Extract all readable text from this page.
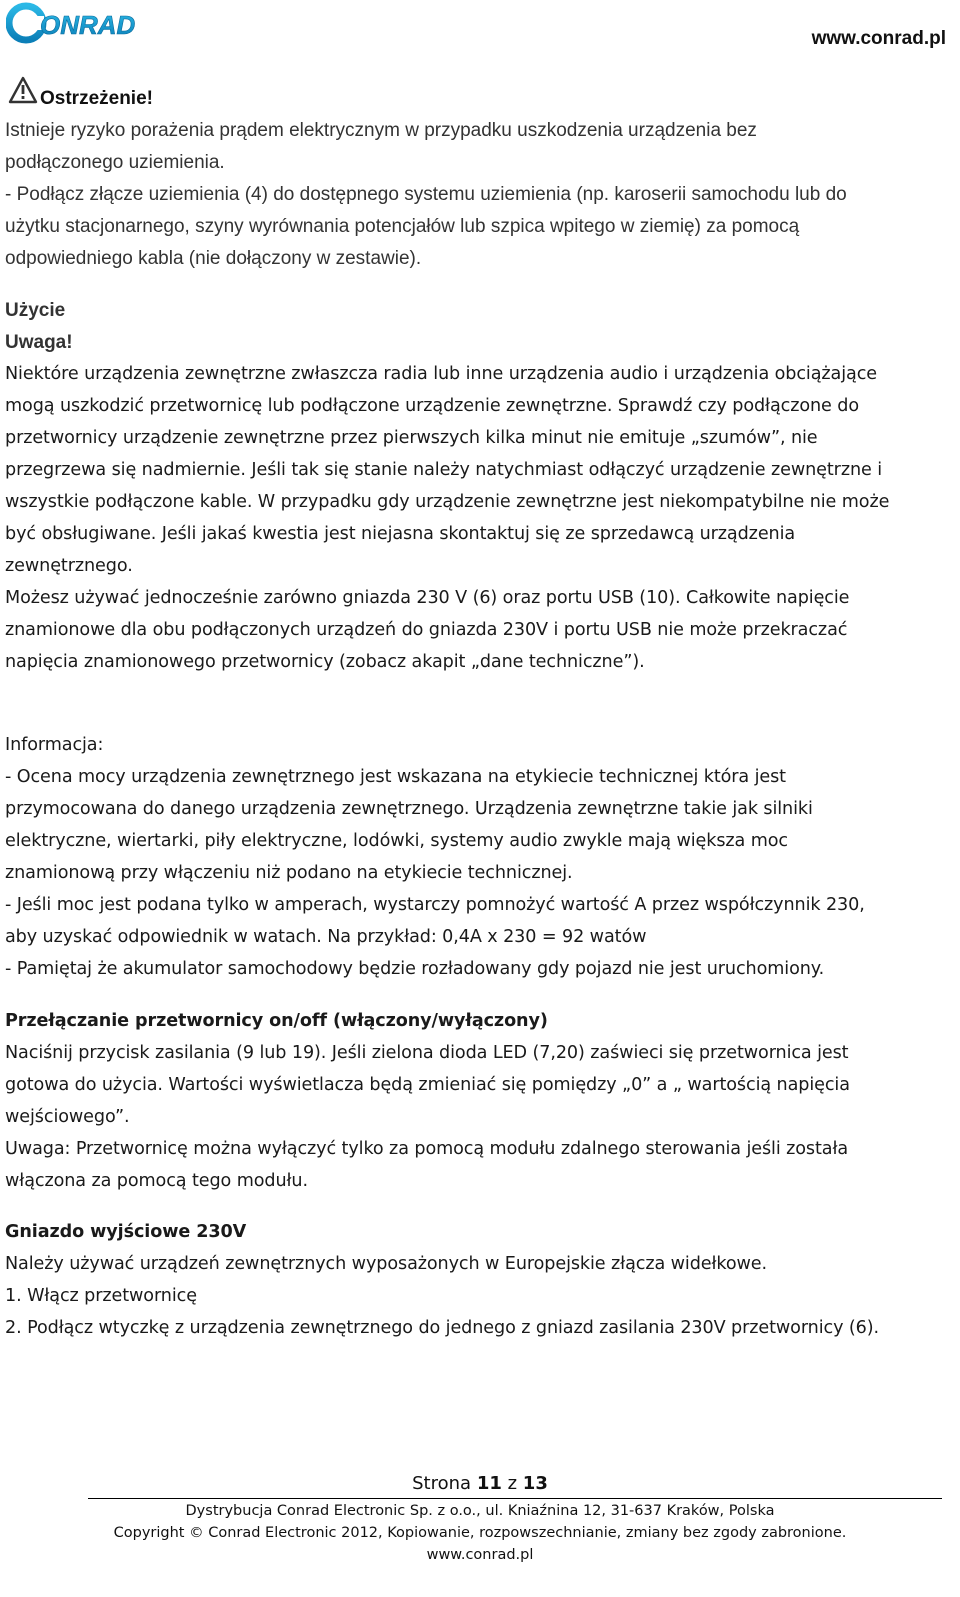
ONRAD	www.conrad.pl
Ostrzeżenie!
Istnieje ryzyko porażenia prądem elektrycznym w przypadku uszkodzenia urządzenia bez
podłączonego uziemienia.
- Podłącz złącze uziemienia (4) do dostępnego systemu uziemienia (np. karoserii samochodu lub do
użytku stacjonarnego, szyny wyrównania potencjałów lub szpica wpitego w ziemię) za pomocą
odpowiedniego kabla (nie dołączony w zestawie).
Użycie
Uwaga!
Niektóre urządzenia zewnętrzne zwłaszcza radia lub inne urządzenia audio i urządzenia obciążające
mogą uszkodzić przetwornicę lub podłączone urządzenie zewnętrzne. Sprawdź czy podłączone do
przetwornicy urządzenie zewnętrzne przez pierwszych kilka minut nie emituje „szumów”, nie
przegrzewa się nadmiernie. Jeśli tak się stanie należy natychmiast odłączyć urządzenie zewnętrzne i
wszystkie podłączone kable. W przypadku gdy urządzenie zewnętrzne jest niekompatybilne nie może
być obsługiwane. Jeśli jakaś kwestia jest niejasna skontaktuj się ze sprzedawcą urządzenia
zewnętrznego.
Możesz używać jednocześnie zarówno gniazda 230 V (6) oraz portu USB (10). Całkowite napięcie
znamionowe dla obu podłączonych urządzeń do gniazda 230V i portu USB nie może przekraczać
napięcia znamionowego przetwornicy (zobacz akapit „dane techniczne”).
Informacja:
- Ocena mocy urządzenia zewnętrznego jest wskazana na etykiecie technicznej która jest
przymocowana do danego urządzenia zewnętrznego. Urządzenia zewnętrzne takie jak silniki
elektryczne, wiertarki, piły elektryczne, lodówki, systemy audio zwykle mają większa moc
znamionową przy włączeniu niż podano na etykiecie technicznej.
- Jeśli moc jest podana tylko w amperach, wystarczy pomnożyć wartość A przez współczynnik 230,
aby uzyskać odpowiednik w watach. Na przykład: 0,4A x 230 = 92 watów
- Pamiętaj że akumulator samochodowy będzie rozładowany gdy pojazd nie jest uruchomiony.
Przełączanie przetwornicy on/off (włączony/wyłączony)
Naciśnij przycisk zasilania (9 lub 19). Jeśli zielona dioda LED (7,20) zaświeci się przetwornica jest
gotowa do użycia. Wartości wyświetlacza będą zmieniać się pomiędzy „0” a „ wartością napięcia
wejściowego”.
Uwaga: Przetwornicę można wyłączyć tylko za pomocą modułu zdalnego sterowania jeśli została
włączona za pomocą tego modułu.
Gniazdo wyjściowe 230V
Należy używać urządzeń zewnętrznych wyposażonych w Europejskie złącza widełkowe.
1. Włącz przetwornicę
2. Podłącz wtyczkę z urządzenia zewnętrznego do jednego z gniazd zasilania 230V przetwornicy (6).
Strona 11 z 13
Dystrybucja Conrad Electronic Sp. z o.o., ul. Kniaźnina 12, 31-637 Kraków, Polska
Copyright © Conrad Electronic 2012, Kopiowanie, rozpowszechnianie, zmiany bez zgody zabronione.
www.conrad.pl
